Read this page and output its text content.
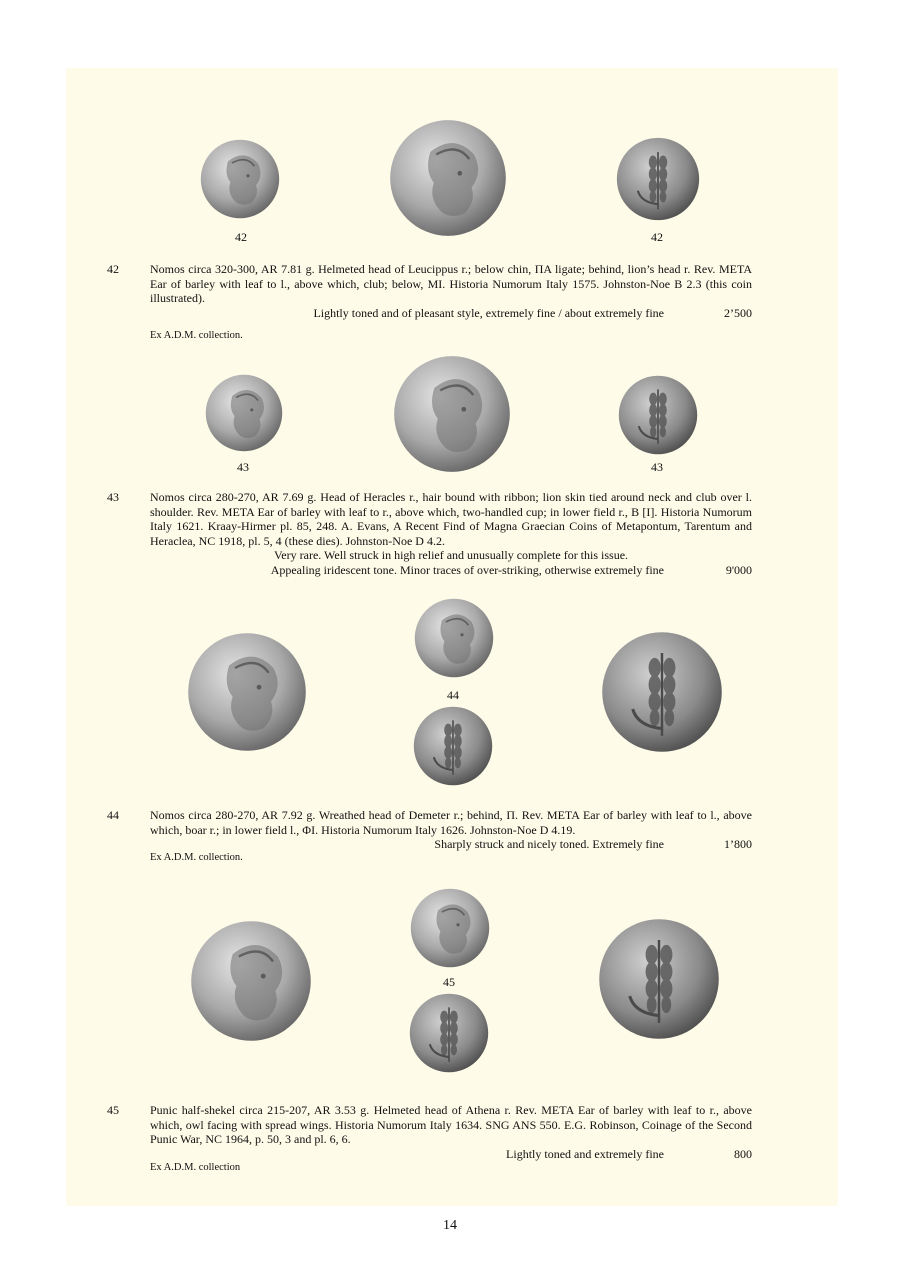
42	42
42	Nomos circa 320-300, AR 7.81 g. Helmeted head of Leucippus r.; below chin, ΠA ligate; behind, lion’s head r. Rev. META Ear of barley with leaf to l., above which, club; below, MI. Historia Numorum Italy 1575. Johnston-Noe B 2.3 (this coin illustrated).
Lightly toned and of pleasant style, extremely fine / about extremely fine	2’500
Ex A.D.M. collection.
43	43
43	Nomos circa 280-270, AR 7.69 g. Head of Heracles r., hair bound with ribbon; lion skin tied around neck and club over l. shoulder. Rev. META Ear of barley with leaf to r., above which, two-handled cup; in lower field r., B [I]. Historia Numorum Italy 1621. Kraay-Hirmer pl. 85, 248. A. Evans, A Recent Find of Magna Graecian Coins of Metapontum, Tarentum and Heraclea, NC 1918, pl. 5, 4 (these dies). Johnston-Noe D 4.2.
Very rare. Well struck in high relief and unusually complete for this issue.
Appealing iridescent tone. Minor traces of over-striking, otherwise extremely fine	9'000
44
44	Nomos circa 280-270, AR 7.92 g. Wreathed head of Demeter r.; behind, Π. Rev. META Ear of barley with leaf to l., above which, boar r.; in lower field l., ΦI. Historia Numorum Italy 1626. Johnston-Noe D 4.19.
Sharply struck and nicely toned. Extremely fine	1’800
Ex A.D.M. collection.
45
45	Punic half-shekel circa 215-207, AR 3.53 g. Helmeted head of Athena r. Rev. META Ear of barley with leaf to r., above which, owl facing with spread wings. Historia Numorum Italy 1634. SNG ANS 550. E.G. Robinson, Coinage of the Second Punic War, NC 1964, p. 50, 3 and pl. 6, 6.
Lightly toned and extremely fine	800
Ex A.D.M. collection
14
